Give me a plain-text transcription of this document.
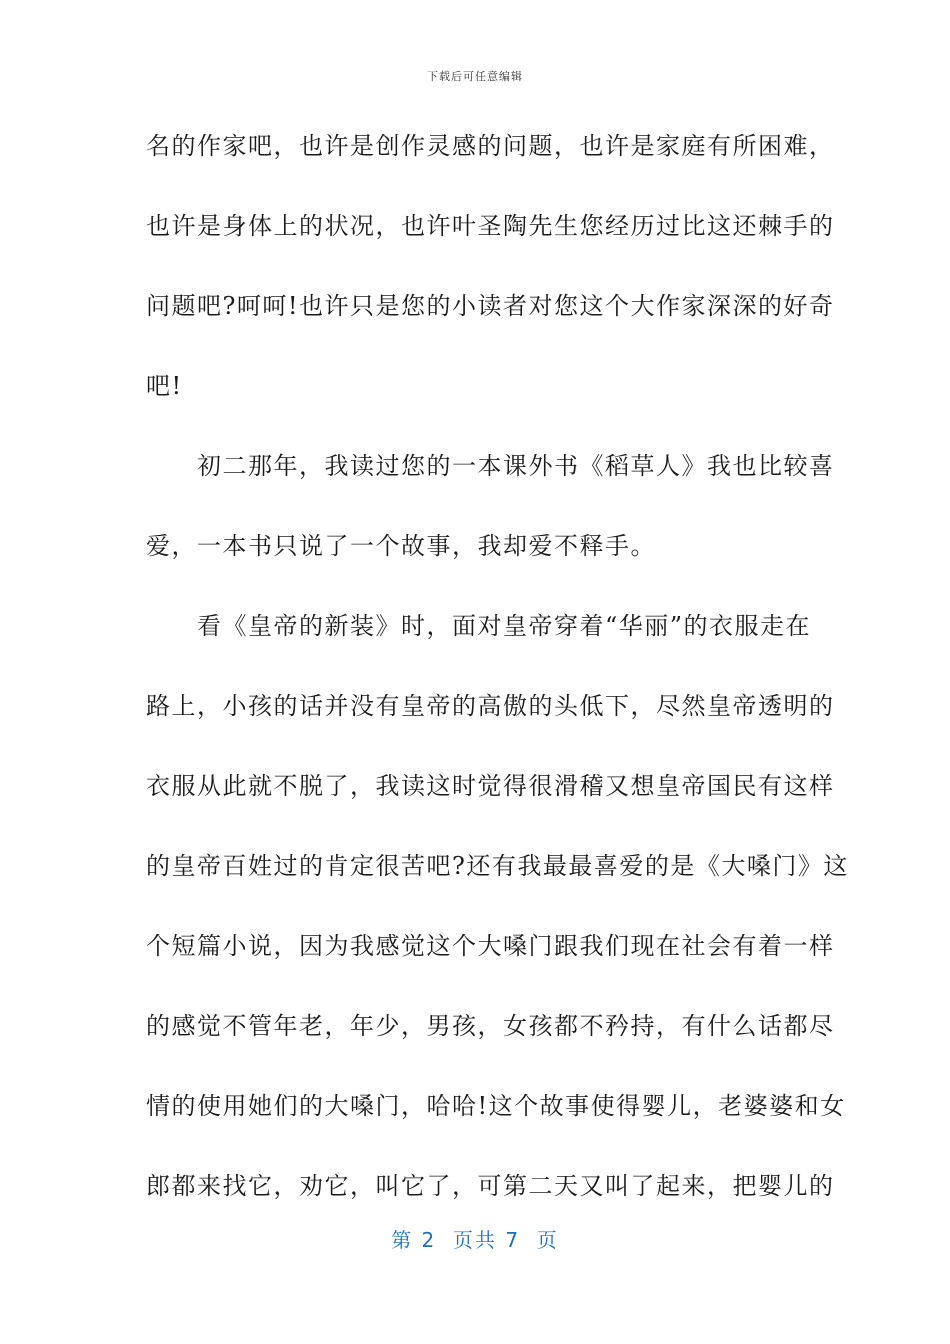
下载后可任意编辑
名的作家吧，也许是创作灵感的问题，也许是家庭有所困难，
也许是身体上的状况，也许叶圣陶先生您经历过比这还棘手的
问题吧?呵呵!也许只是您的小读者对您这个大作家深深的好奇
吧!
　　初二那年，我读过您的一本课外书《稻草人》我也比较喜
爱，一本书只说了一个故事，我却爱不释手。
　　看《皇帝的新装》时，面对皇帝穿着“华丽”的衣服走在
路上，小孩的话并没有皇帝的高傲的头低下，尽然皇帝透明的
衣服从此就不脱了，我读这时觉得很滑稽又想皇帝国民有这样
的皇帝百姓过的肯定很苦吧?还有我最最喜爱的是《大嗓门》这
个短篇小说，因为我感觉这个大嗓门跟我们现在社会有着一样
的感觉不管年老，年少，男孩，女孩都不矜持，有什么话都尽
情的使用她们的大嗓门，哈哈!这个故事使得婴儿，老婆婆和女
郎都来找它，劝它，叫它了，可第二天又叫了起来，把婴儿的
第 2  页共 7  页
